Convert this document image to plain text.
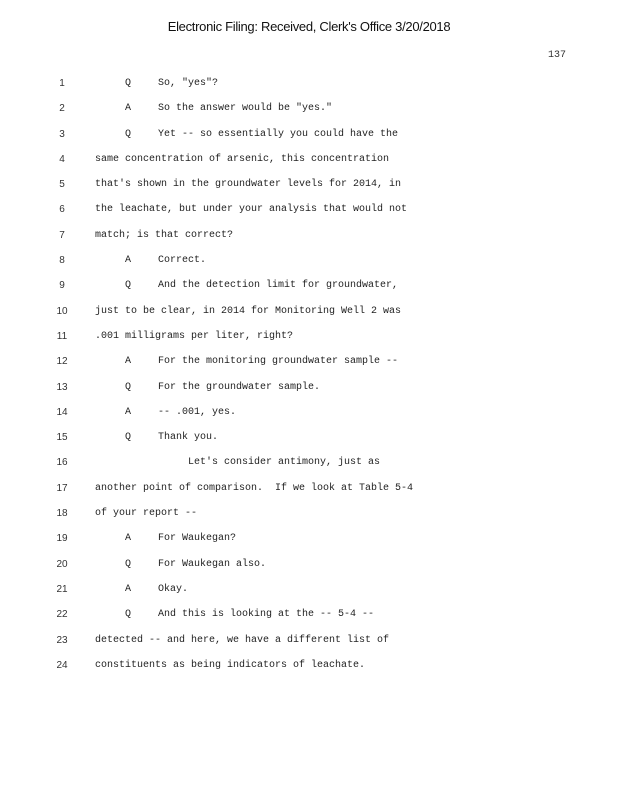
Electronic Filing: Received, Clerk's Office 3/20/2018
137
1	Q	So, "yes"?
2	A	So the answer would be "yes."
3	Q	Yet -- so essentially you could have the
4	same concentration of arsenic, this concentration
5	that's shown in the groundwater levels for 2014, in
6	the leachate, but under your analysis that would not
7	match; is that correct?
8	A	Correct.
9	Q	And the detection limit for groundwater,
10	just to be clear, in 2014 for Monitoring Well 2 was
11	.001 milligrams per liter, right?
12	A	For the monitoring groundwater sample --
13	Q	For the groundwater sample.
14	A	-- .001, yes.
15	Q	Thank you.
16	Let's consider antimony, just as
17	another point of comparison.  If we look at Table 5-4
18	of your report --
19	A	For Waukegan?
20	Q	For Waukegan also.
21	A	Okay.
22	Q	And this is looking at the -- 5-4 --
23	detected -- and here, we have a different list of
24	constituents as being indicators of leachate.
